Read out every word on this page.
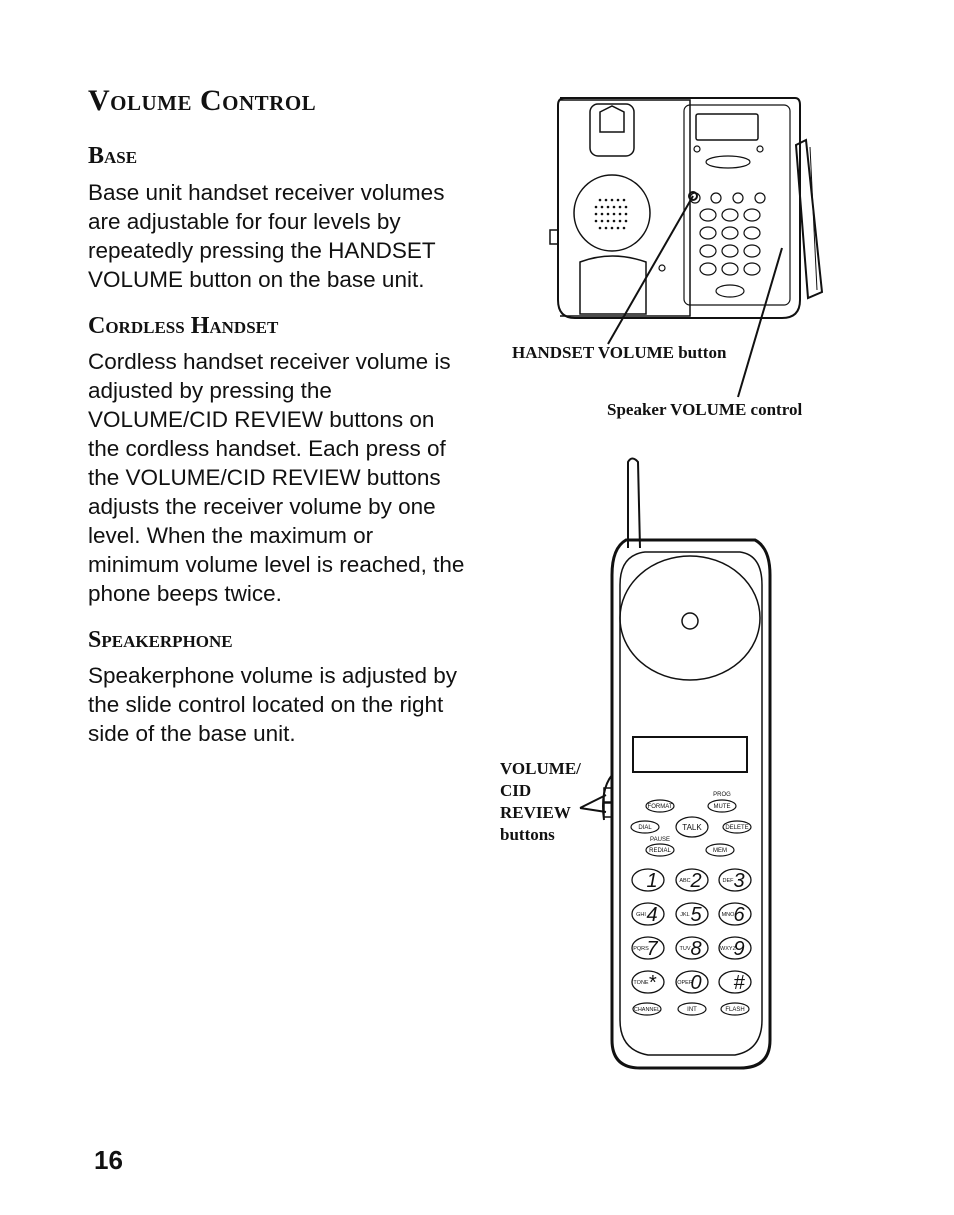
Volume Control
Base

Base unit handset receiver volumes are adjustable for four levels by repeatedly pressing the HANDSET VOLUME button on the base unit.

Cordless Handset

Cordless handset receiver volume is adjusted by pressing the VOLUME/CID REVIEW buttons on the cordless handset. Each press of the VOLUME/CID REVIEW buttons adjusts the receiver volume by one level. When the maximum or minimum volume level is reached, the phone beeps twice.

Speakerphone

Speakerphone volume is adjusted by the slide control located on the right side of the base unit.

16
HANDSET VOLUME button
Speaker VOLUME control
VOLUME/
CID
REVIEW
buttons
FORMAT	MUTE
PROG
DIAL	TALK	DELETE
PAUSE
REDIAL	MEM
CHANNEL	INT	FLASH
1 2
ABC 3
DEF
4
GHI 5
JKL 6
MNO
7
PQRS 8
TUV 9
WXYZ
*
TONE 0
OPER #
